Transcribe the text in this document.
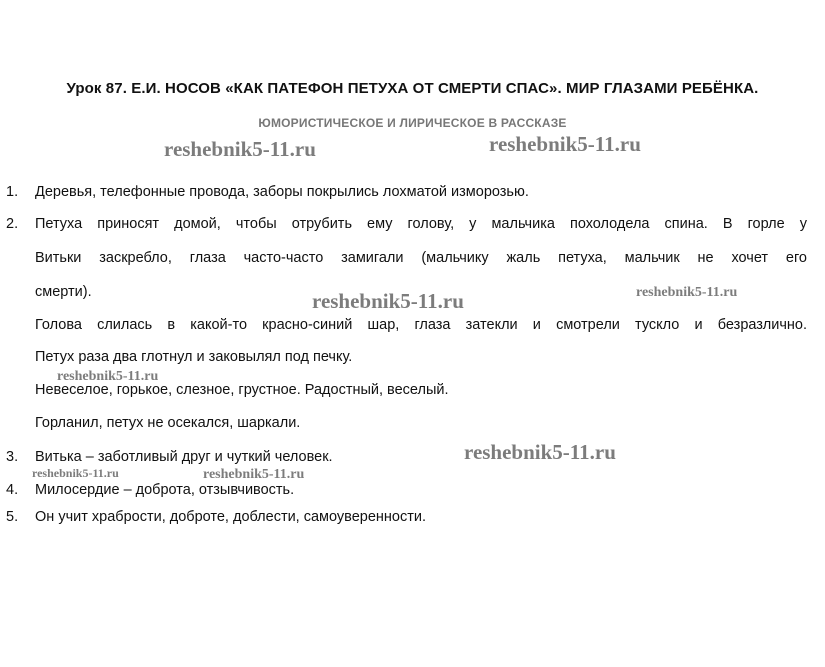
Урок 87. Е.И. НОСОВ «КАК ПАТЕФОН ПЕТУХА ОТ СМЕРТИ СПАС». МИР ГЛАЗАМИ РЕБЁНКА.
ЮМОРИСТИЧЕСКОЕ И ЛИРИЧЕСКОЕ В РАССКАЗЕ
1. Деревья, телефонные провода, заборы покрылись лохматой изморозью.
2. Петуха приносят домой, чтобы отрубить ему голову, у мальчика похолодела спина. В горле у
Витьки заскребло, глаза часто-часто замигали (мальчику жаль петуха, мальчик не хочет его
смерти).
Голова слилась в какой-то красно-синий шар, глаза затекли и смотрели тускло и безразлично.
Петух раза два глотнул и заковылял под печку.
Невеселое, горькое, слезное, грустное. Радостный, веселый.
Горланил, петух не осекался, шаркали.
3. Витька – заботливый друг и чуткий человек.
4. Милосердие – доброта, отзывчивость.
5. Он учит храбрости, доброте, доблести, самоуверенности.
reshebnik5-11.ru	reshebnik5-11.ru
reshebnik5-11.ru	reshebnik5-11.ru
reshebnik5-11.ru
reshebnik5-11.ru
reshebnik5-11.ru	reshebnik5-11.ru
